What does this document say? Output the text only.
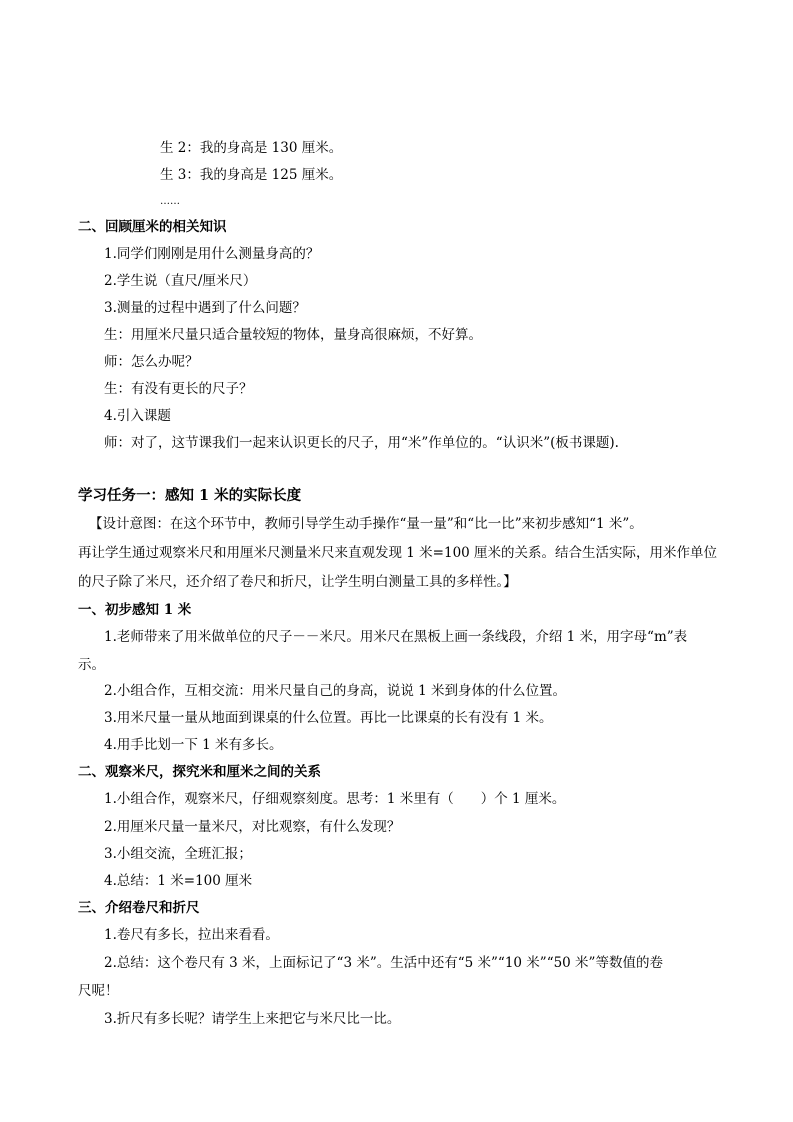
生 2：我的身高是 130 厘米。
生 3：我的身高是 125 厘米。
……
二、回顾厘米的相关知识
1.同学们刚刚是用什么测量身高的？
2.学生说（直尺/厘米尺）
3.测量的过程中遇到了什么问题？
生：用厘米尺量只适合量较短的物体，量身高很麻烦，不好算。
师：怎么办呢？
生：有没有更长的尺子？
4.引入课题
师：对了，这节课我们一起来认识更长的尺子，用“米”作单位的。“认识米”(板书课题).
学习任务一：感知 1 米的实际长度
【设计意图：在这个环节中，教师引导学生动手操作“量一量”和“比一比”来初步感知“1 米”。
再让学生通过观察米尺和用厘米尺测量米尺来直观发现 1 米=100 厘米的关系。结合生活实际，用米作单位
的尺子除了米尺，还介绍了卷尺和折尺，让学生明白测量工具的多样性。】
一、初步感知 1 米
1.老师带来了用米做单位的尺子－－米尺。用米尺在黑板上画一条线段，介绍 1 米，用字母“m”表
示。
2.小组合作，互相交流：用米尺量自己的身高，说说 1 米到身体的什么位置。
3.用米尺量一量从地面到课桌的什么位置。再比一比课桌的长有没有 1 米。
4.用手比划一下 1 米有多长。
二、观察米尺，探究米和厘米之间的关系
1.小组合作，观察米尺，仔细观察刻度。思考：1 米里有（　　）个 1 厘米。
2.用厘米尺量一量米尺，对比观察，有什么发现？
3.小组交流，全班汇报；
4.总结：1 米=100 厘米
三、介绍卷尺和折尺
1.卷尺有多长，拉出来看看。
2.总结：这个卷尺有 3 米，上面标记了“3 米”。生活中还有“5 米”“10 米”“50 米”等数值的卷
尺呢！
3.折尺有多长呢？请学生上来把它与米尺比一比。
